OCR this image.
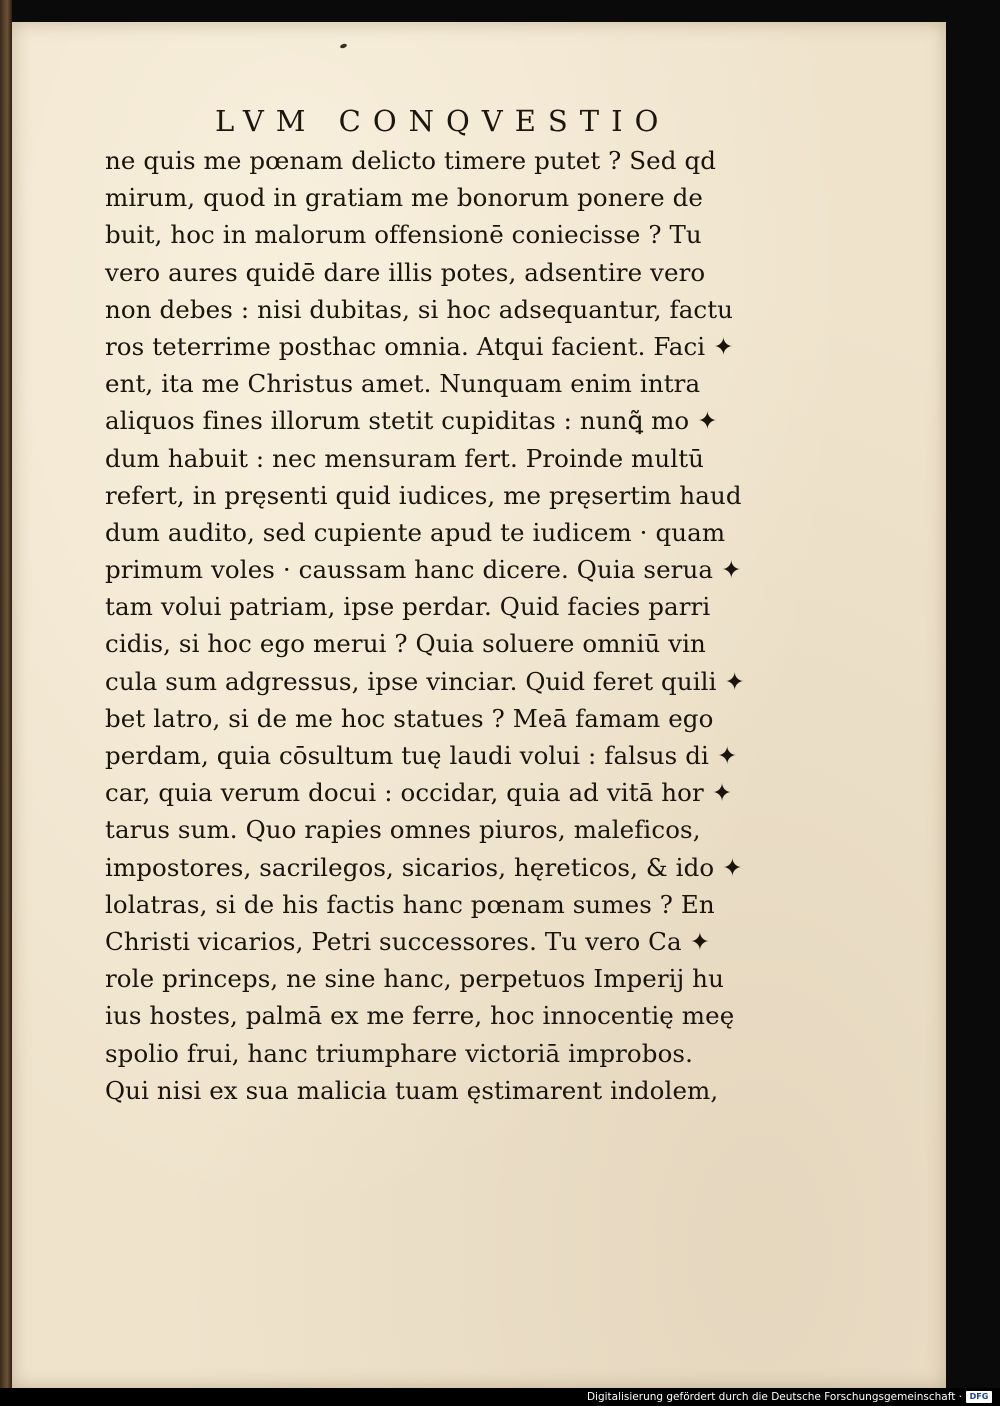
LVM CONQVESTIO
ne quis me pœnam delicto timere putet ? Sed qd
mirum, quod in gratiam me bonorum ponere de
buit, hoc in malorum offensionē coniecisse ? Tu
vero aures quidē dare illis potes, adsentire vero
non debes : nisi dubitas, si hoc adsequantur, factu
ros teterrime posthac omnia. Atqui facient. Faci ✦
ent, ita me Christus amet. Nunquam enim intra
aliquos fines illorum stetit cupiditas : nunꝗ̃ mo ✦
dum habuit : nec mensuram fert. Proinde multū
refert, in pręsenti quid iudices, me pręsertim haud
dum audito, sed cupiente apud te iudicem · quam
primum voles · caussam hanc dicere. Quia serua ✦
tam volui patriam, ipse perdar. Quid facies parri
cidis, si hoc ego merui ? Quia soluere omniū vin
cula sum adgressus, ipse vinciar. Quid feret quili ✦
bet latro, si de me hoc statues ? Meā famam ego
perdam, quia cōsultum tuę laudi volui : falsus di ✦
car, quia verum docui : occidar, quia ad vitā hor ✦
tarus sum. Quo rapies omnes piuros, maleficos,
impostores, sacrilegos, sicarios, hęreticos, & ido ✦
lolatras, si de his factis hanc pœnam sumes ? En
Christi vicarios, Petri successores. Tu vero Ca ✦
role princeps, ne sine hanc, perpetuos Imperij hu
ius hostes, palmā ex me ferre, hoc innocentię meę
spolio frui, hanc triumphare victoriā improbos.
Qui nisi ex sua malicia tuam ęstimarent indolem,
Digitalisierung gefördert durch die Deutsche Forschungsgemeinschaft · DFG
